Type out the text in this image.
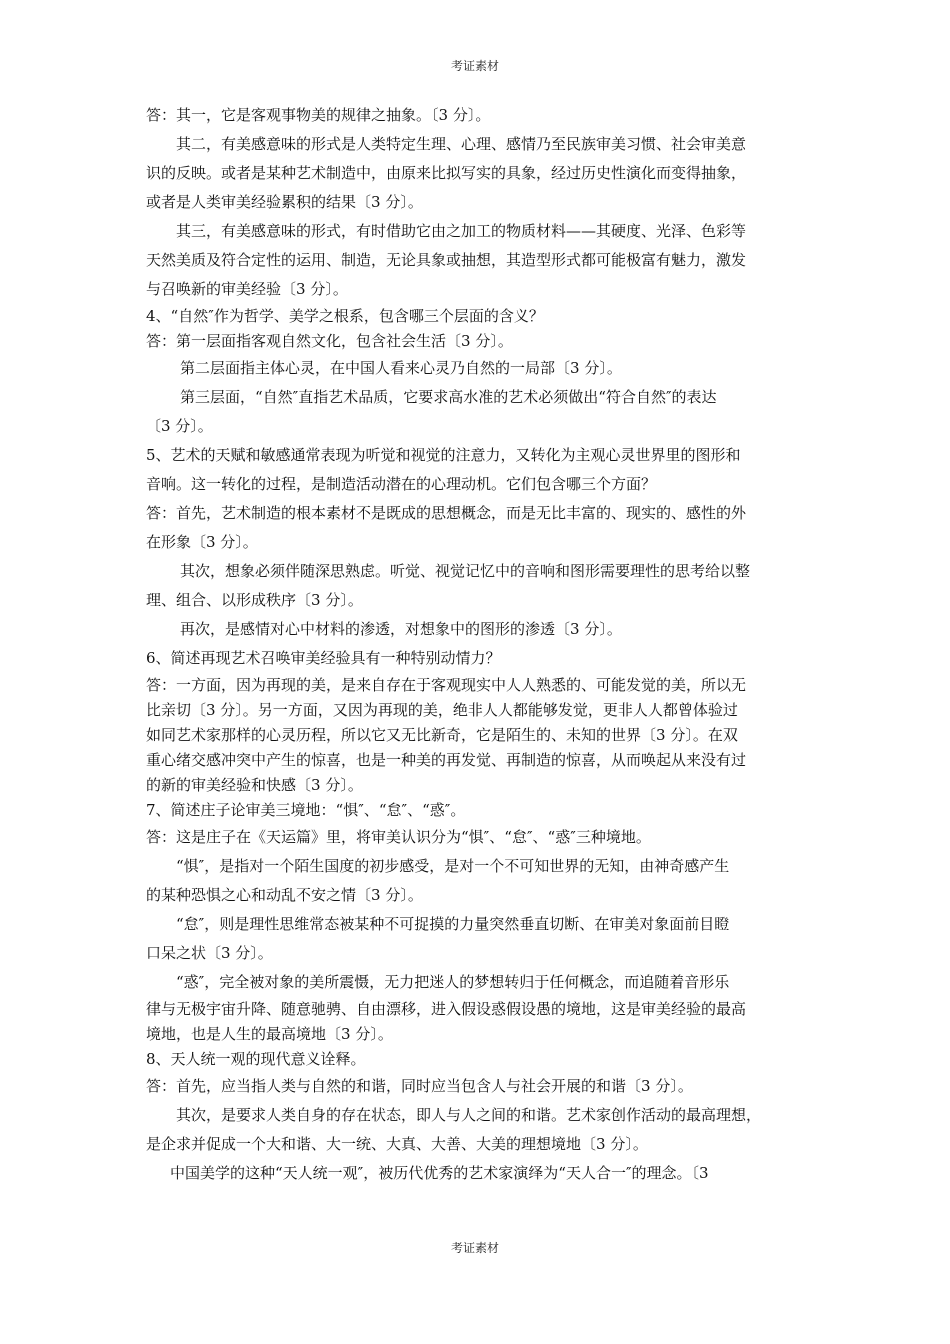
考证素材
答：其一，它是客观事物美的规律之抽象。〔3 分〕。
其二，有美感意味的形式是人类特定生理、心理、感情乃至民族审美习惯、社会审美意
识的反映。或者是某种艺术制造中，由原来比拟写实的具象，经过历史性演化而变得抽象，
或者是人类审美经验累积的结果〔3 分〕。
其三，有美感意味的形式，有时借助它由之加工的物质材料——其硬度、光泽、色彩等
天然美质及符合定性的运用、制造，无论具象或抽想，其造型形式都可能极富有魅力，激发
与召唤新的审美经验〔3 分〕。
4、“自然″作为哲学、美学之根系，包含哪三个层面的含义？
答：第一层面指客观自然文化，包含社会生活〔3 分〕。
第二层面指主体心灵，在中国人看来心灵乃自然的一局部〔3 分〕。
第三层面，“自然″直指艺术品质，它要求高水准的艺术必须做出“符合自然″的表达
〔3 分〕。
5、艺术的天赋和敏感通常表现为听觉和视觉的注意力，又转化为主观心灵世界里的图形和
音响。这一转化的过程，是制造活动潜在的心理动机。它们包含哪三个方面？
答：首先，艺术制造的根本素材不是既成的思想概念，而是无比丰富的、现实的、感性的外
在形象〔3 分〕。
其次，想象必须伴随深思熟虑。听觉、视觉记忆中的音响和图形需要理性的思考给以整
理、组合、以形成秩序〔3 分〕。
再次，是感情对心中材料的渗透，对想象中的图形的渗透〔3 分〕。
6、简述再现艺术召唤审美经验具有一种特别动情力？
答：一方面，因为再现的美，是来自存在于客观现实中人人熟悉的、可能发觉的美，所以无
比亲切〔3 分〕。另一方面，又因为再现的美，绝非人人都能够发觉，更非人人都曾体验过
如同艺术家那样的心灵历程，所以它又无比新奇，它是陌生的、未知的世界〔3 分〕。在双
重心绪交感冲突中产生的惊喜，也是一种美的再发觉、再制造的惊喜，从而唤起从来没有过
的新的审美经验和快感〔3 分〕。
7、简述庄子论审美三境地：“惧″、“怠″、“惑″。
答：这是庄子在《天运篇》里，将审美认识分为“惧″、“怠″、“惑″三种境地。
“惧″，是指对一个陌生国度的初步感受，是对一个不可知世界的无知，由神奇感产生
的某种恐惧之心和动乱不安之情〔3 分〕。
“怠″，则是理性思维常态被某种不可捉摸的力量突然垂直切断、在审美对象面前目瞪
口呆之状〔3 分〕。
“惑″，完全被对象的美所震慑，无力把迷人的梦想转归于任何概念，而追随着音形乐
律与无极宇宙升降、随意驰骋、自由漂移，进入假设惑假设愚的境地，这是审美经验的最高
境地，也是人生的最高境地〔3 分〕。
8、天人统一观的现代意义诠释。
答：首先，应当指人类与自然的和谐，同时应当包含人与社会开展的和谐〔3 分〕。
其次，是要求人类自身的存在状态，即人与人之间的和谐。艺术家创作活动的最高理想，
是企求并促成一个大和谐、大一统、大真、大善、大美的理想境地〔3 分〕。
中国美学的这种“天人统一观″，被历代优秀的艺术家演绎为“天人合一″的理念。〔3
考证素材
